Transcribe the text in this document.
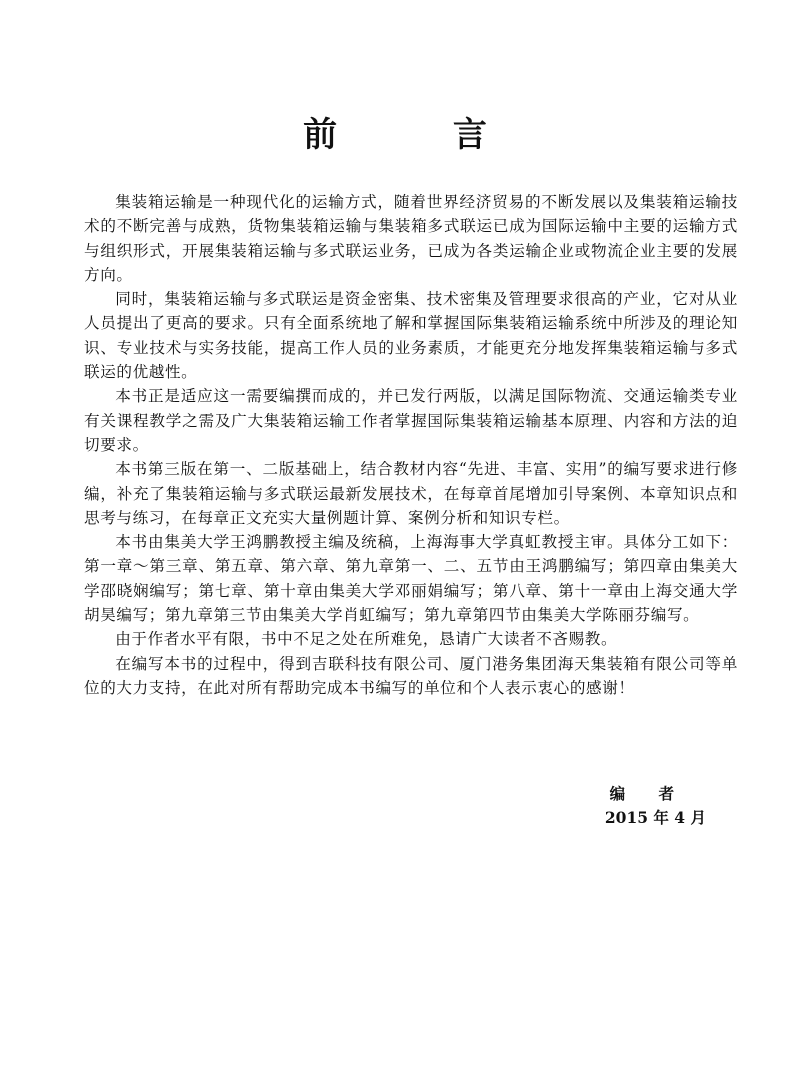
前 言

集装箱运输是一种现代化的运输方式，随着世界经济贸易的不断发展以及集装箱运输技术的不断完善与成熟，货物集装箱运输与集装箱多式联运已成为国际运输中主要的运输方式与组织形式，开展集装箱运输与多式联运业务，已成为各类运输企业或物流企业主要的发展方向。

同时，集装箱运输与多式联运是资金密集、技术密集及管理要求很高的产业，它对从业人员提出了更高的要求。只有全面系统地了解和掌握国际集装箱运输系统中所涉及的理论知识、专业技术与实务技能，提高工作人员的业务素质，才能更充分地发挥集装箱运输与多式联运的优越性。

本书正是适应这一需要编撰而成的，并已发行两版，以满足国际物流、交通运输类专业有关课程教学之需及广大集装箱运输工作者掌握国际集装箱运输基本原理、内容和方法的迫切要求。

本书第三版在第一、二版基础上，结合教材内容“先进、丰富、实用”的编写要求进行修编，补充了集装箱运输与多式联运最新发展技术，在每章首尾增加引导案例、本章知识点和思考与练习，在每章正文充实大量例题计算、案例分析和知识专栏。

本书由集美大学王鸿鹏教授主编及统稿，上海海事大学真虹教授主审。具体分工如下：第一章～第三章、第五章、第六章、第九章第一、二、五节由王鸿鹏编写；第四章由集美大学邵晓娴编写；第七章、第十章由集美大学邓丽娟编写；第八章、第十一章由上海交通大学胡昊编写；第九章第三节由集美大学肖虹编写；第九章第四节由集美大学陈丽芬编写。

由于作者水平有限，书中不足之处在所难免，恳请广大读者不吝赐教。

在编写本书的过程中，得到吉联科技有限公司、厦门港务集团海天集装箱有限公司等单位的大力支持，在此对所有帮助完成本书编写的单位和个人表示衷心的感谢！

编 者
2015 年 4 月
